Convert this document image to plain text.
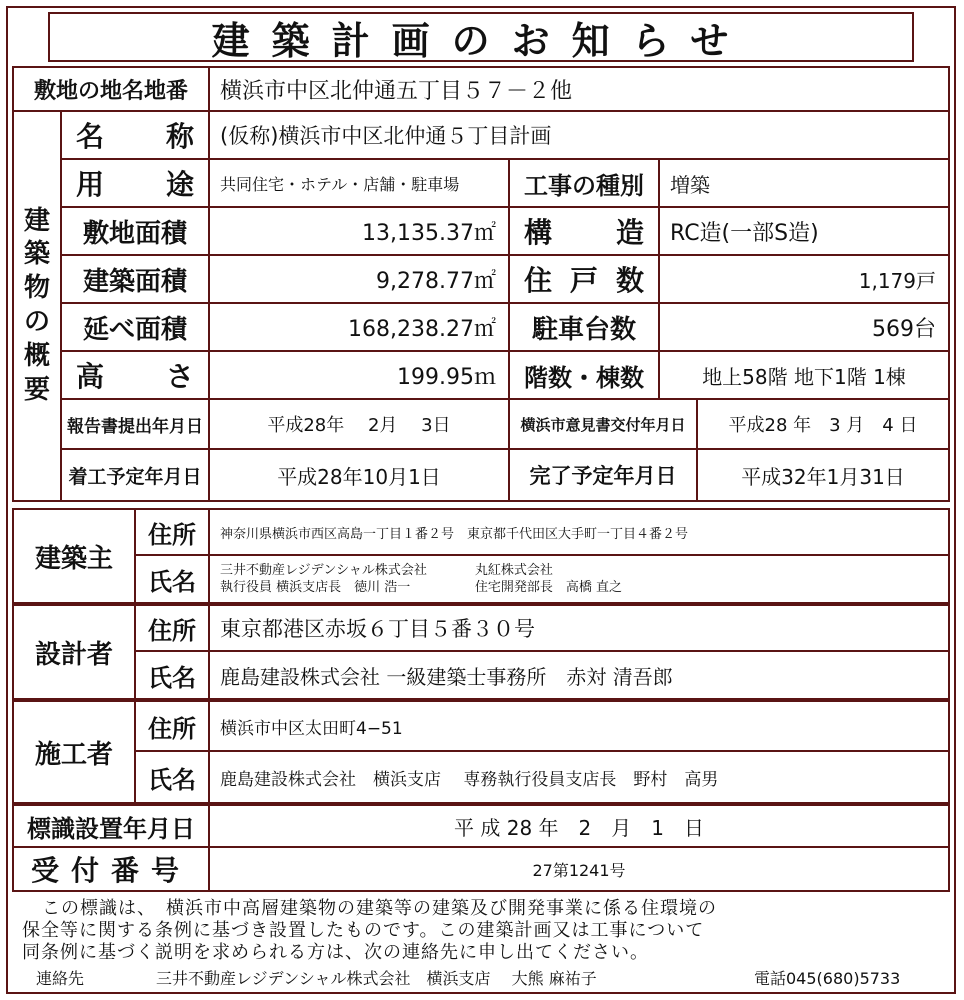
建築計画のお知らせ
敷地の地名地番	横浜市中区北仲通五丁目５７－２他
建
築
物
の
概
要
名 称	(仮称)横浜市中区北仲通５丁目計画
用 途	共同住宅・ホテル・店舗・駐車場	工事の種別	増築
敷地面積	13,135.37㎡	構 造	RC造(一部S造)
建築面積	9,278.77㎡	住 戸 数	1,179戸
延べ面積	168,238.27㎡	駐車台数	569台
高 さ	199.95ｍ	階数・棟数	地上58階 地下1階 1棟
報告書提出年月日	平成28年　 2月　 3日	横浜市意見書交付年月日	平成28 年　3 月　4 日
着工予定年月日	平成28年10月1日	完了予定年月日	平成32年1月31日
建築主
住所	神奈川県横浜市西区高島一丁目１番２号　東京都千代田区大手町一丁目４番２号
氏名	三井不動産レジデンシャル株式会社
執行役員 横浜支店長　徳川 浩一
丸紅株式会社
住宅開発部長　高橋 直之
設計者
住所	東京都港区赤坂６丁目５番３０号
氏名	鹿島建設株式会社 一級建築士事務所　赤対 清吾郎
施工者
住所	横浜市中区太田町4−51
氏名	鹿島建設株式会社　横浜支店　 専務執行役員支店長　野村　高男
標識設置年月日	平 成 28 年　2　月　1　日
受付番号	27第1241号
この標識は、　横浜市中高層建築物の建築等の建築及び開発事業に係る住環境の
保全等に関する条例に基づき設置したものです。この建築計画又は工事について
同条例に基づく説明を求められる方は、次の連絡先に申し出てください。
連絡先	三井不動産レジデンシャル株式会社　横浜支店　 大熊 麻祐子	電話045(680)5733
